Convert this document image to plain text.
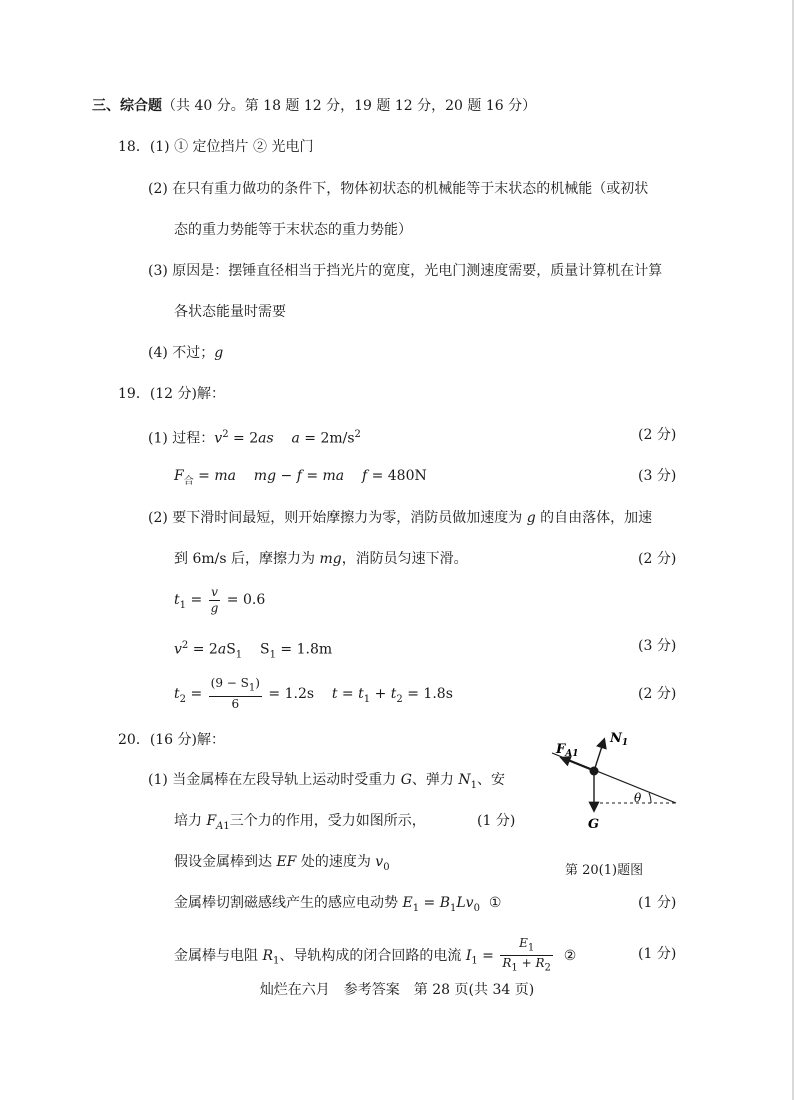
三、综合题（共 40 分。第 18 题 12 分，19 题 12 分，20 题 16 分）
18．(1) ① 定位挡片 ② 光电门
(2) 在只有重力做功的条件下，物体初状态的机械能等于末状态的机械能（或初状
态的重力势能等于末状态的重力势能）
(3) 原因是：摆锤直径相当于挡光片的宽度，光电门测速度需要，质量计算机在计算
各状态能量时需要
(4) 不过；g
19．(12 分)解：
(1) 过程：$v^2 = 2as$ $a = 2m/s^2$	(2 分)
$F_合$ = ma mg − f = ma f = 480N	(3 分)
(2) 要下滑时间最短，则开始摩擦力为零，消防员做加速度为 g 的自由落体，加速
到 6m/s 后，摩擦力为 mg，消防员匀速下滑。	(2 分)
$t_1 = \frac{v}{g} = 0.6$
$v^2 = 2aS_1$    $S_1 = 1.8m$	(3 分)
$t_2 = \frac{(9 - S_1)}{6} = 1.2s$    $t = t_1 + t_2 = 1.8s$	(2 分)
20．(16 分)解：
(1) 当金属棒在左段导轨上运动时受重力 G、弹力 $N_1$、安
培力 $F_{A1}$三个力的作用，受力如图所示，	(1 分)
假设金属棒到达 EF 处的速度为 $v_0$	第 20(1)题图
金属棒切割磁感线产生的感应电动势 $E_1 = B_1Lv_0$  ①	(1 分)
金属棒与电阻 $R_1$、导轨构成的闭合回路的电流 $I_1 = \frac{E_1}{R_1 + R_2}$ ②	(1 分)
$F_{A1}$
$N_1$
G
θ
灿烂在六月　参考答案　第 28 页(共 34 页)
